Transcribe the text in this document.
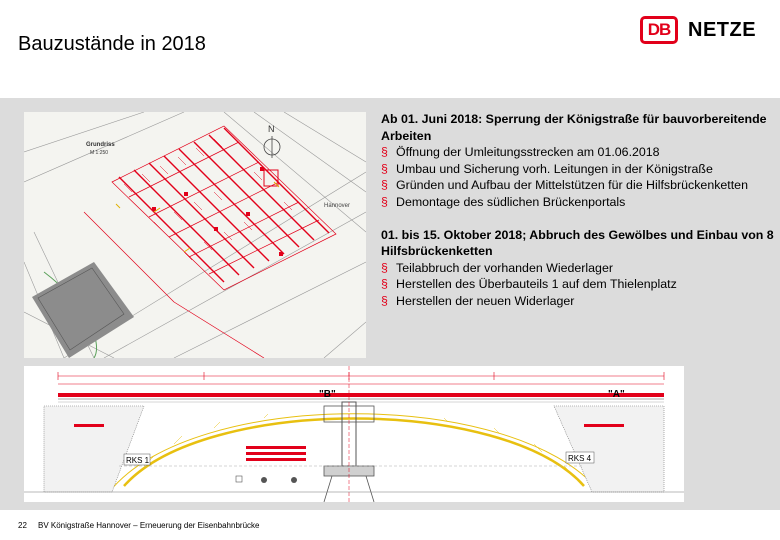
Bauzustände in 2018
DB NETZE
N
Grundriss
M 1:250
Hannover
"B"	"A"
RKS 1	RKS 4
Ab 01. Juni 2018: Sperrung der Königstraße für bauvorbereitende Arbeiten
§ Öffnung der Umleitungsstrecken am 01.06.2018
§ Umbau und Sicherung vorh. Leitungen in der Königstraße
§ Gründen und Aufbau der Mittelstützen für die Hilfsbrückenketten
§ Demontage des südlichen Brückenportals
01. bis 15. Oktober 2018; Abbruch des Gewölbes und Einbau von 8 Hilfsbrückenketten
§ Teilabbruch der vorhanden Wiederlager
§ Herstellen des Überbauteils 1 auf dem Thielenplatz
§ Herstellen der neuen Widerlager
22 BV Königstraße Hannover – Erneuerung der Eisenbahnbrücke
